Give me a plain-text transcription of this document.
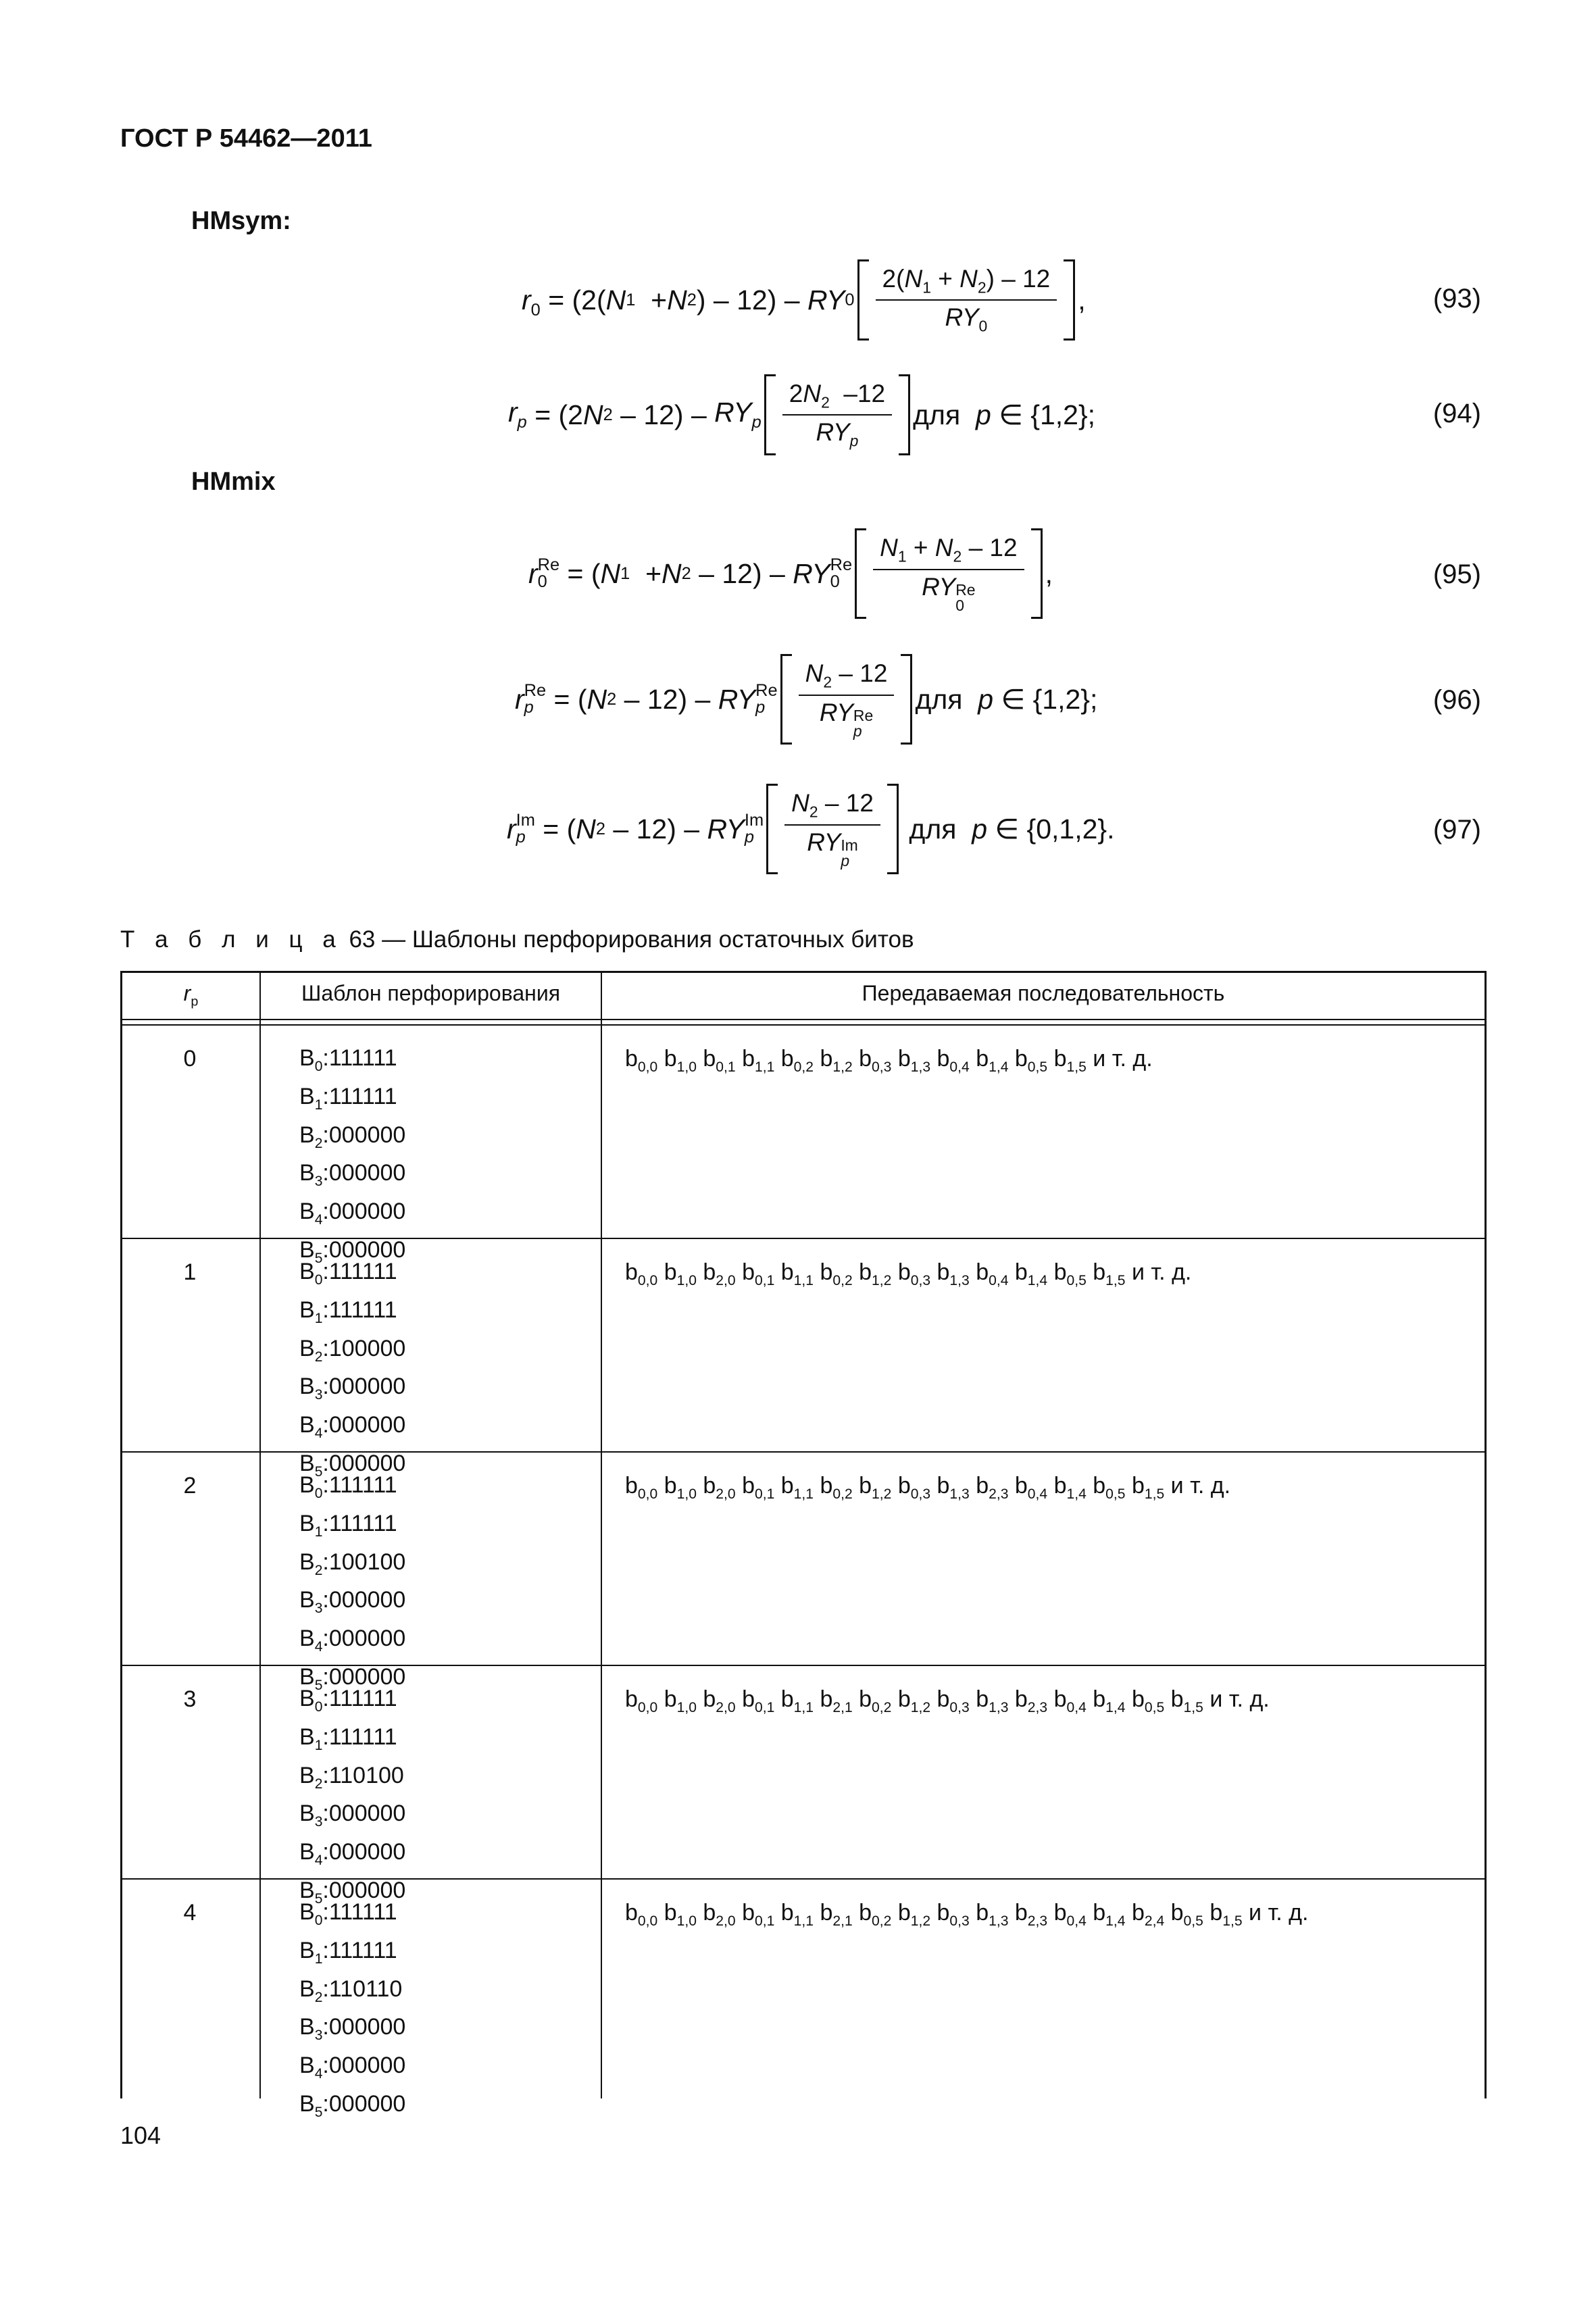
ГОСТ Р 54462—2011
HMsym:
$r_0 = (2$( N 1 + N 2 ) – 12) – RY $0 \frac{2(N_1 + N_2) - 12}{RY_0}$ ,	(93)
$r_p = (2$ N $2 - 12) - RY_p \frac{2N_2 -12}{RY_p}$ для
p ∈ {1,2};	(94)
HMmix
r Re
0 = ( N 1 + N 2 – 12) – RY Re
0	$N_1 + N_2 - 12$
RY Re
0 ,	(95)
r Re
p = ( N 2 – 12) – RY Re
p	$N_2 - 12$
RY Re
p для
p ∈ {1,2};	(96)
r Im
p = ( N 2 – 12) – RY Im
p	$N_2 - 12$
RY Im
p
для
p ∈ {0,1,2}.	(97)
Т а б л и ц а 63 — Шаблоны перфорирования остаточных битов
$r_p$	Шаблон перфорирования	Передаваемая последовательность
0	$B_0:111111$
$B_1:111111$
$B_2:000000$
$B_3:000000$
$B_4:000000$
$B_5:000000$
$b_{0,0}$ $b_{1,0}$ $b_{0,1}$ $b_{1,1}$ $b_{0,2}$ $b_{1,2}$ $b_{0,3}$ $b_{1,3}$ $b_{0,4}$ $b_{1,4}$ $b_{0,5}$ $b_{1,5}$ и т. д.
1	$B_0:111111$
$B_1:111111$
$B_2:100000$
$B_3:000000$
$B_4:000000$
$B_5:000000$
$b_{0,0}$ $b_{1,0}$ $b_{2,0}$ $b_{0,1}$ $b_{1,1}$ $b_{0,2}$ $b_{1,2}$ $b_{0,3}$ $b_{1,3}$ $b_{0,4}$ $b_{1,4}$ $b_{0,5}$ $b_{1,5}$ и т. д.
2	$B_0:111111$
$B_1:111111$
$B_2:100100$
$B_3:000000$
$B_4:000000$
$B_5:000000$
$b_{0,0}$ $b_{1,0}$ $b_{2,0}$ $b_{0,1}$ $b_{1,1}$ $b_{0,2}$ $b_{1,2}$ $b_{0,3}$ $b_{1,3}$ $b_{2,3}$ $b_{0,4}$ $b_{1,4}$ $b_{0,5}$ $b_{1,5}$ и т. д.
3	$B_0:111111$
$B_1:111111$
$B_2:110100$
$B_3:000000$
$B_4:000000$
$B_5:000000$
$b_{0,0}$ $b_{1,0}$ $b_{2,0}$ $b_{0,1}$ $b_{1,1}$ $b_{2,1}$ $b_{0,2}$ $b_{1,2}$ $b_{0,3}$ $b_{1,3}$ $b_{2,3}$ $b_{0,4}$ $b_{1,4}$ $b_{0,5}$ $b_{1,5}$ и т. д.
4	$B_0:111111$
$B_1:111111$
$B_2:110110$
$B_3:000000$
$B_4:000000$
$B_5:000000$
$b_{0,0}$ $b_{1,0}$ $b_{2,0}$ $b_{0,1}$ $b_{1,1}$ $b_{2,1}$ $b_{0,2}$ $b_{1,2}$ $b_{0,3}$ $b_{1,3}$ $b_{2,3}$ $b_{0,4}$ $b_{1,4}$ $b_{2,4}$ $b_{0,5}$ $b_{1,5}$ и т. д.
104
